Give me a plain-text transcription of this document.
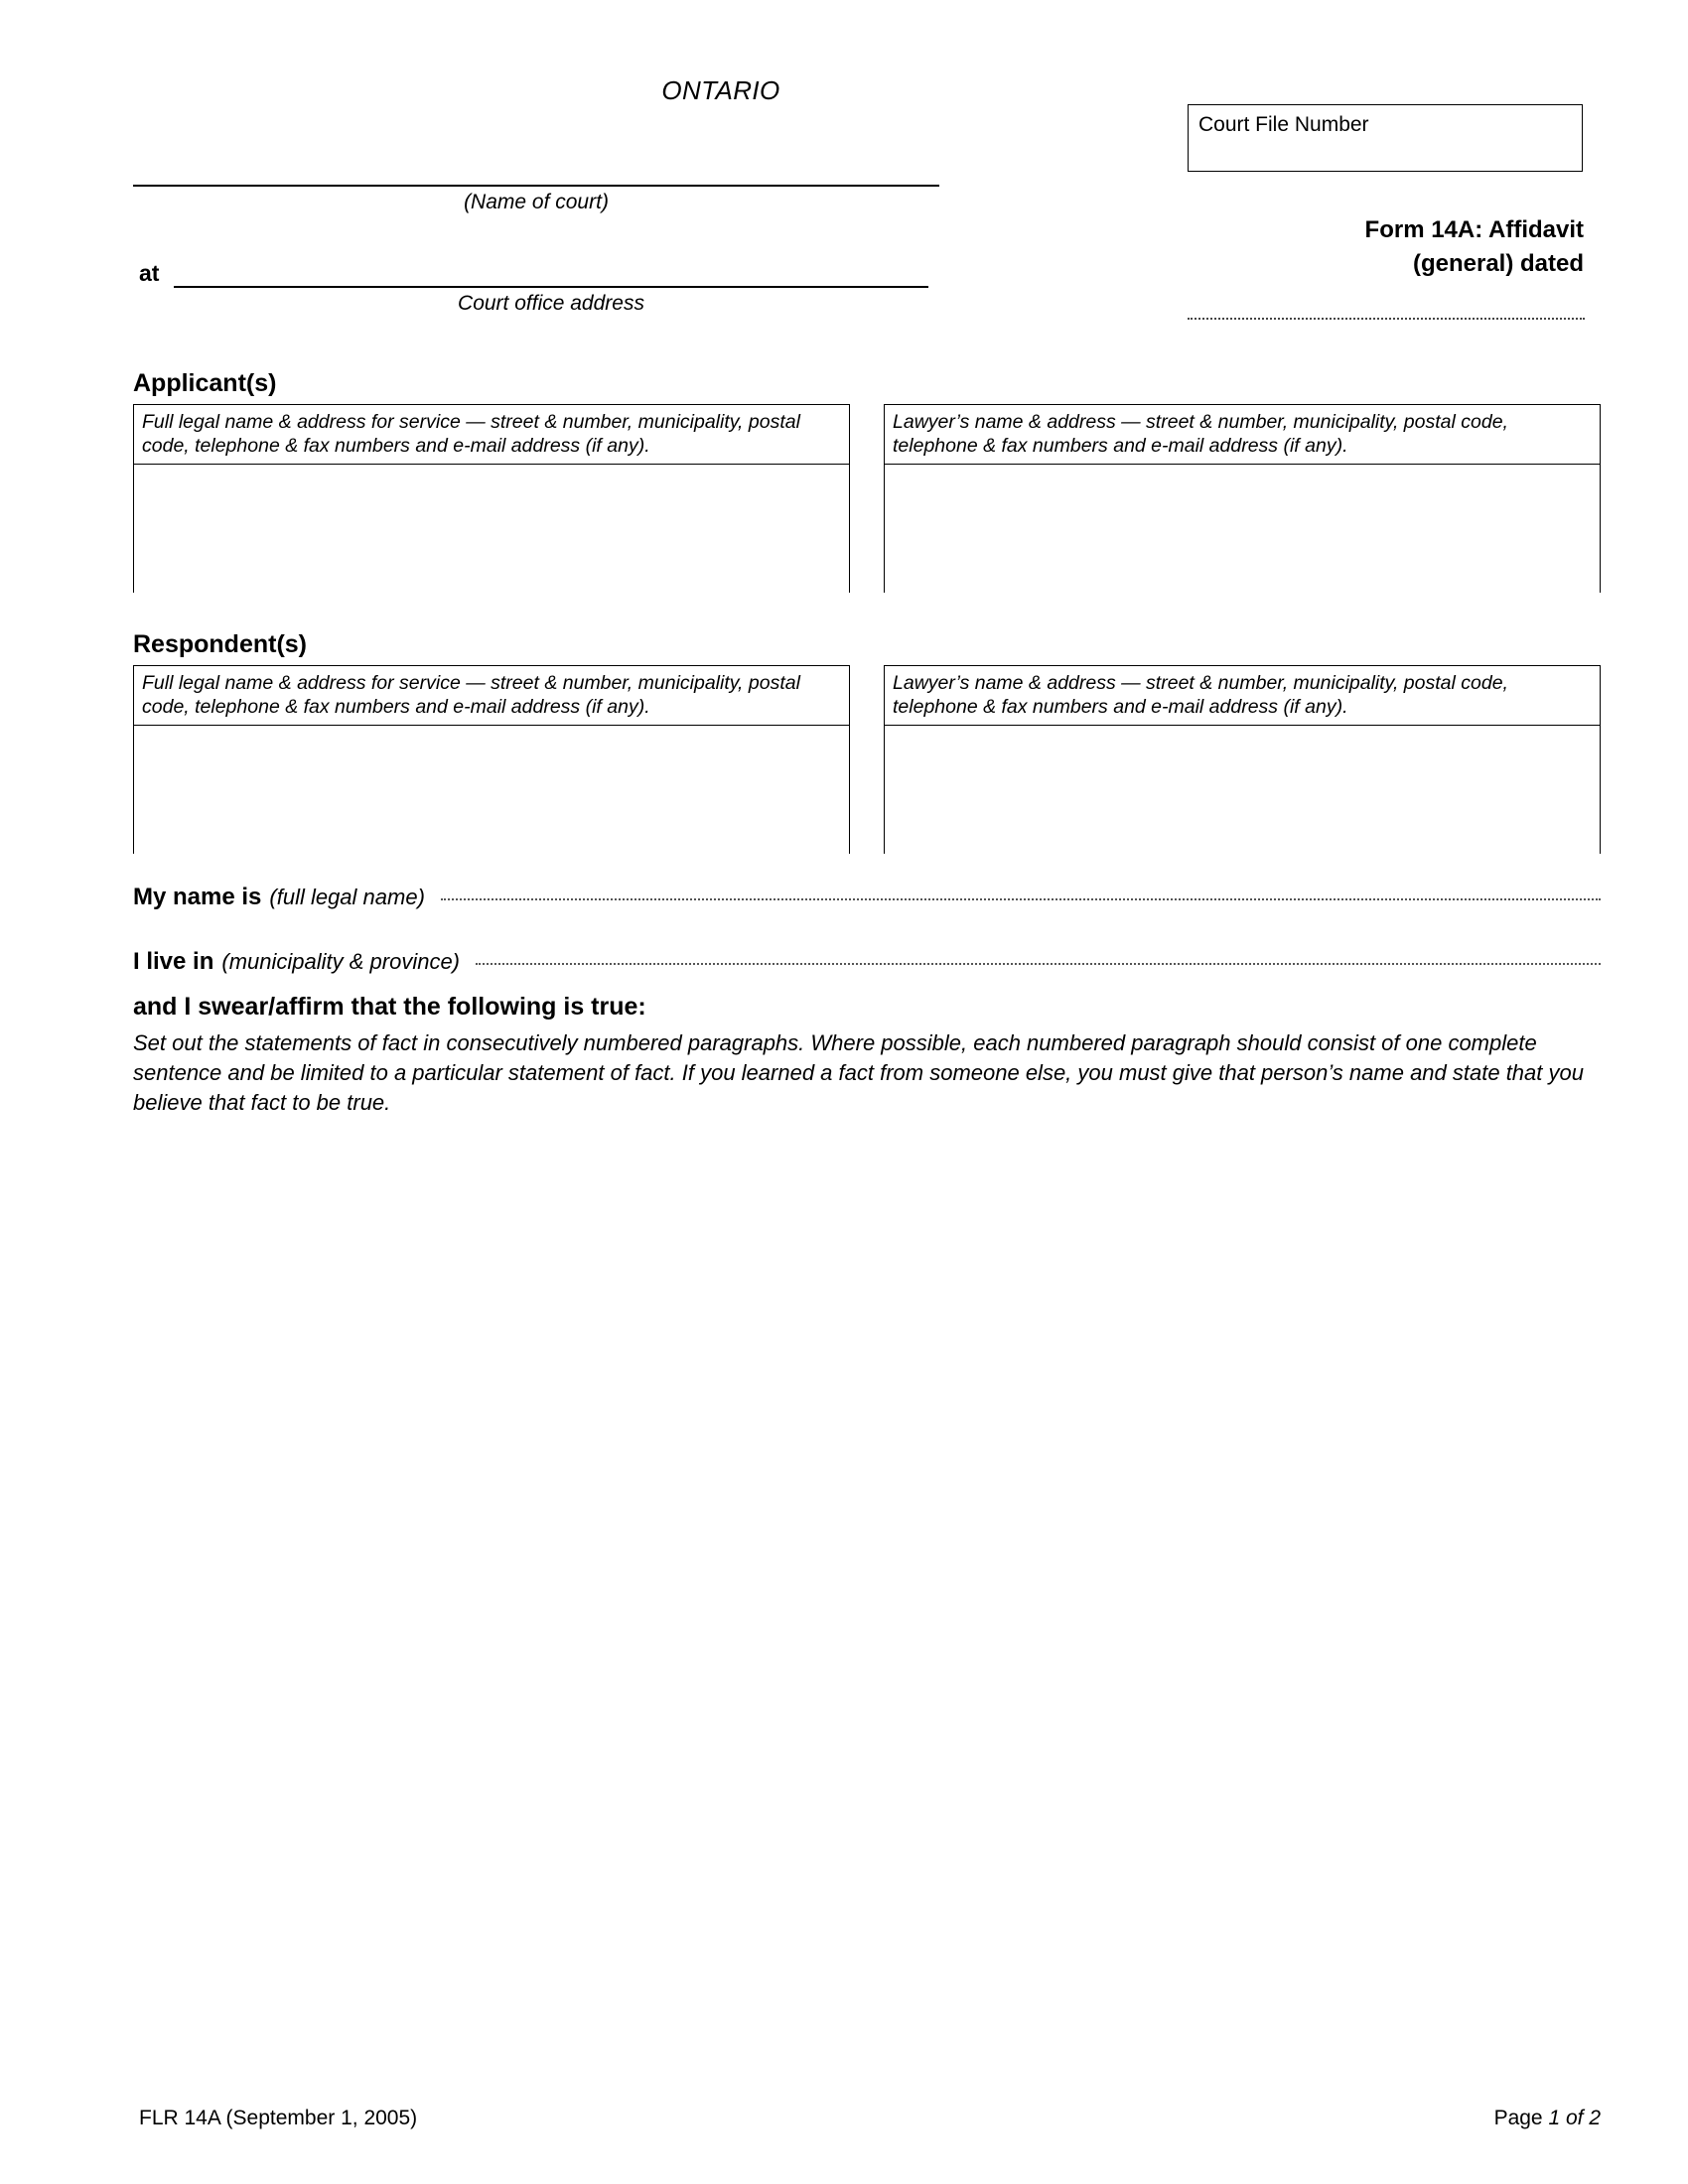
ONTARIO
(Name of court)
at
Court office address
Court File Number
Form 14A: Affidavit
(general) dated
Applicant(s)
Full legal name & address for service — street & number, municipality, postal code, telephone & fax numbers and e-mail address (if any).
Lawyer’s name & address — street & number, municipality, postal code, telephone & fax numbers and e-mail address (if any).
Respondent(s)
Full legal name & address for service — street & number, municipality, postal code, telephone & fax numbers and e-mail address (if any).
Lawyer’s name & address — street & number, municipality, postal code, telephone & fax numbers and e-mail address (if any).
My name is (full legal name)
I live in (municipality & province)
and I swear/affirm that the following is true:
Set out the statements of fact in consecutively numbered paragraphs. Where possible, each numbered paragraph should consist of one complete sentence and be limited to a particular statement of fact. If you learned a fact from someone else, you must give that person’s name and state that you believe that fact to be true.
FLR 14A (September 1, 2005)	Page 1 of 2
